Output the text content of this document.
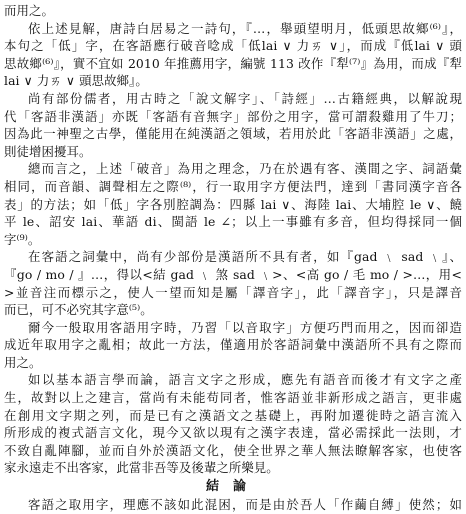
而用之。

依上述見解，唐詩白居易之一詩句，『…，舉頭望明月，低頭思故鄉⁽⁶⁾』，

本句之「低」字，在客語應行破音唸成「低lai ∨ 力ㄞ ∨」，而成『低lai ∨ 頭

思故鄉⁽⁶⁾』，實不宜如 2010 年推薦用字，編號 113 改作『犁⁽⁷⁾』為用，而成『犁

lai ∨ 力ㄞ ∨ 頭思故鄉』。

尚有部份儒者，用古時之「說文解字」、「詩經」…古籍經典，以解說現

代「客語非漢語」亦既「客語有音無字」部份之用字，當可謂殺雞用了牛刀；

因為此一神聖之古學，僅能用在純漢語之領域，若用於此「客語非漢語」之處，

則徒增困擾耳。

總而言之，上述「破音」為用之理念，乃在於遇有客、漢間之字、詞語彙

相同，而音韻、調聲相左之際⁽⁸⁾，行一取用字方便法門，達到「書同漢字音各

表」的方法；如「低」字各別腔調為：四縣 lai ∨、海陸 lai、大埔腔 le ∨、饒

平 le、詔安 lai、華語 di、閩語 le ∠；以上一事雖有多音，但均得採同一個

字⁽⁹⁾。

在客語之詞彙中，尚有少部份是漢語所不具有者，如『gad ﹨ sad ﹨』、

『go ∕ mo ∕ 』…，得以<結 gad ﹨ 煞 sad ﹨>、<高 go ∕ 毛 mo ∕ >…，用<

>並音注而標示之，使人一望而知是屬「譯音字」，此「譯音字」，只是譯音

而已，可不必究其字意⁽⁵⁾。

爾今一般取用客語用字時，乃習「以音取字」方便巧門而用之，因而卻造

成近年取用字之亂相；故此一方法，僅適用於客語詞彙中漢語所不具有之際而

用之。

如以基本語言學而論，語言文字之形成，應先有語音而後才有文字之產

生，故對以上之建言，當尚有未能苟同者，惟客語並非新形成之語言，更非處

在創用文字期之列，而是已有之漢語文之基礎上，再附加遷徙時之語言流入

所形成的複式語言文化，現今又欲以現有之漢字表達，當必需採此一法則，才

不致自亂陣腳，並而自外於漢語文化，使全世界之華人無法瞭解客家，也使客

家永遠走不出客家，此當非吾等及後輩之所樂見。

結論

客語之取用字，理應不該如此混困，而是由於吾人「作繭自縛」使然；如
